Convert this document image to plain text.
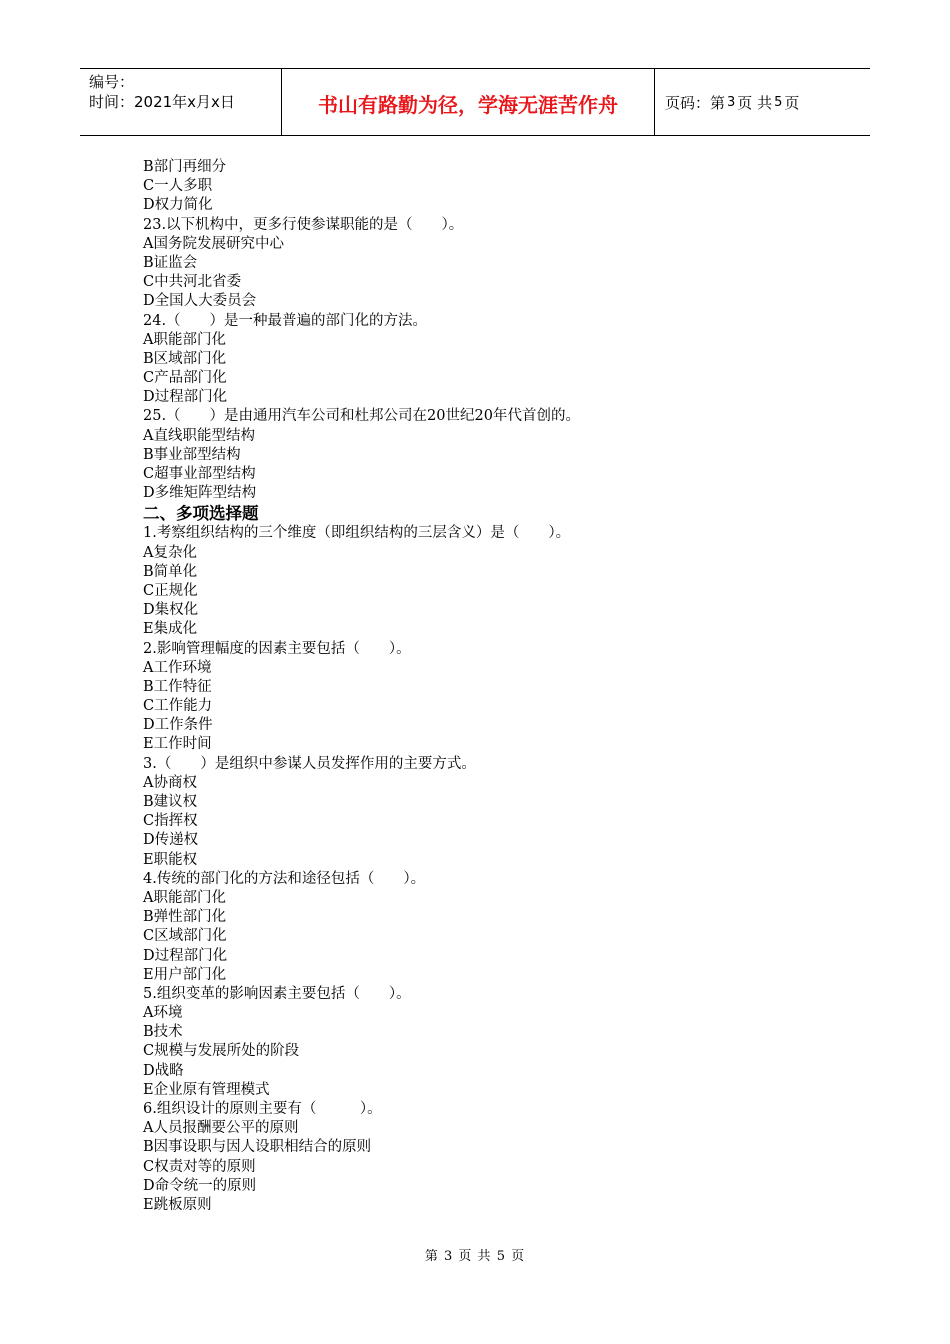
编号：
时间：2021年x月x日	书山有路勤为径，学海无涯苦作舟	页码：第 3 页 共 5 页
B部门再细分
C一人多职
D权力简化
23.以下机构中，更多行使参谋职能的是（　　）。
A国务院发展研究中心
B证监会
C中共河北省委
D全国人大委员会
24.（　　）是一种最普遍的部门化的方法。
A职能部门化
B区域部门化
C产品部门化
D过程部门化
25.（　　）是由通用汽车公司和杜邦公司在20世纪20年代首创的。
A直线职能型结构
B事业部型结构
C超事业部型结构
D多维矩阵型结构
二、多项选择题
1.考察组织结构的三个维度（即组织结构的三层含义）是（　　）。
A复杂化
B简单化
C正规化
D集权化
E集成化
2.影响管理幅度的因素主要包括（　　）。
A工作环境
B工作特征
C工作能力
D工作条件
E工作时间
3.（　　）是组织中参谋人员发挥作用的主要方式。
A协商权
B建议权
C指挥权
D传递权
E职能权
4.传统的部门化的方法和途径包括（　　）。
A职能部门化
B弹性部门化
C区域部门化
D过程部门化
E用户部门化
5.组织变革的影响因素主要包括（　　）。
A环境
B技术
C规模与发展所处的阶段
D战略
E企业原有管理模式
6.组织设计的原则主要有（　　　）。
A人员报酬要公平的原则
B因事设职与因人设职相结合的原则
C权责对等的原则
D命令统一的原则
E跳板原则
第 3 页 共 5 页
